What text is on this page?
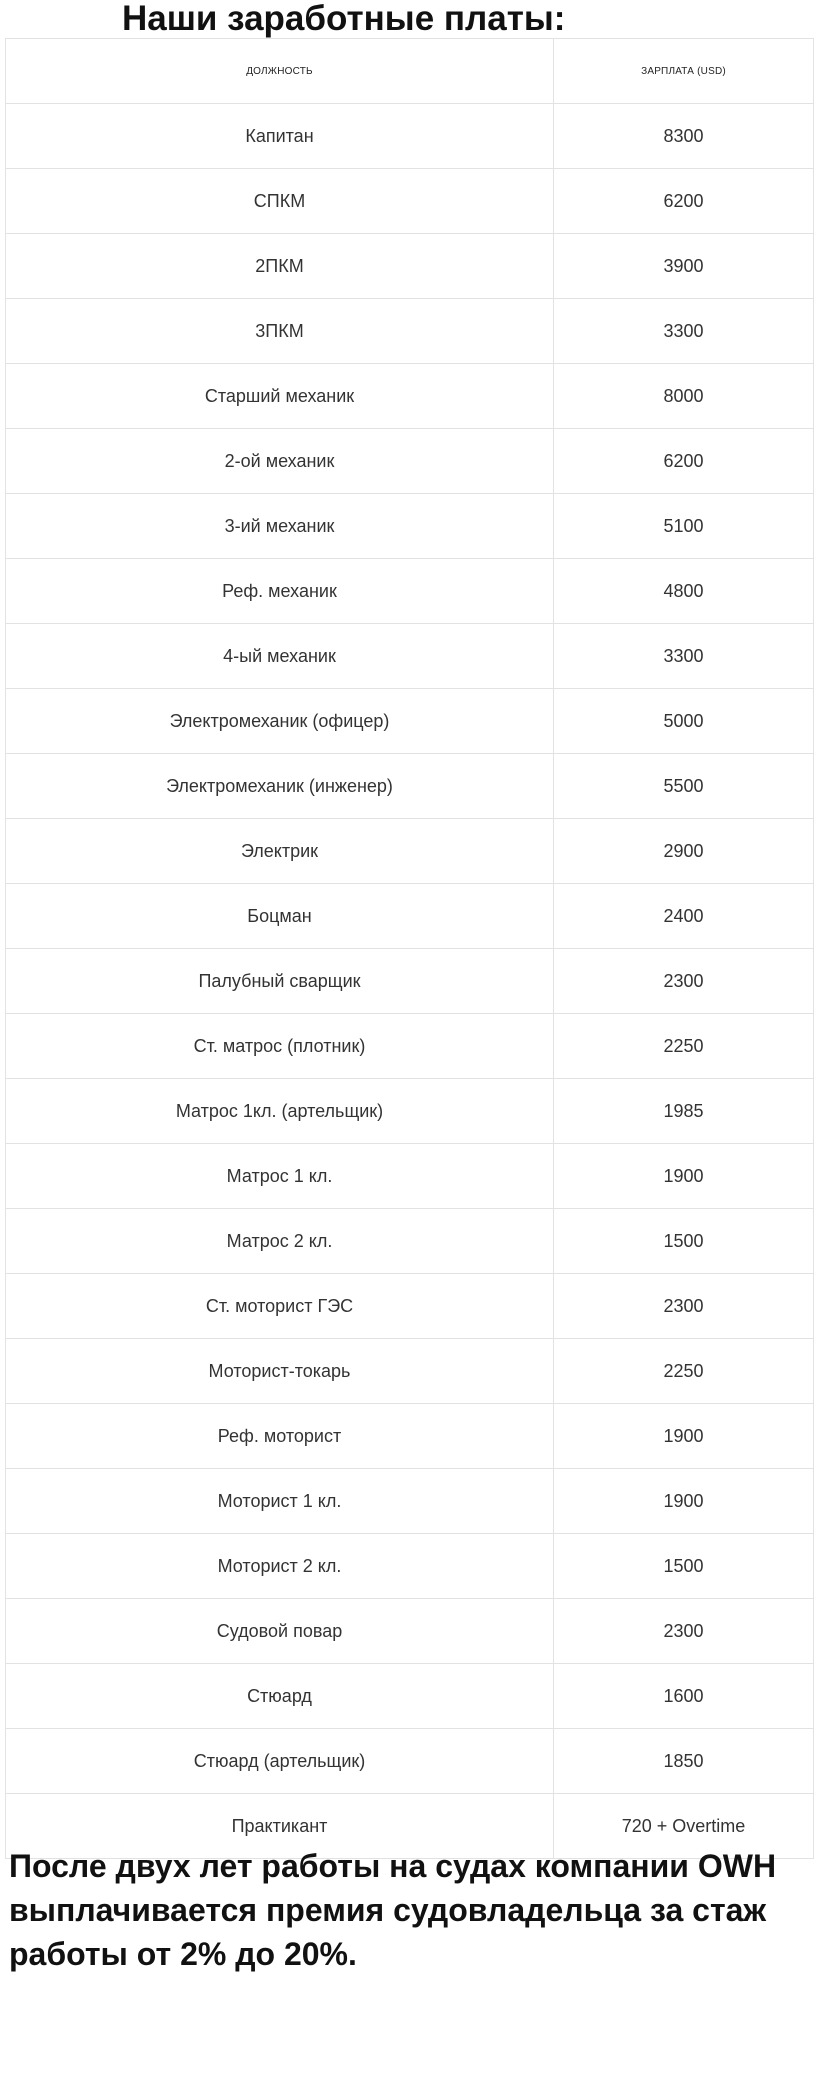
Наши заработные платы:
ДОЛЖНОСТЬ	ЗАРПЛАТА (USD)
Капитан	8300
СПКМ	6200
2ПКМ	3900
3ПКМ	3300
Старший механик	8000
2-ой механик	6200
3-ий механик	5100
Реф. механик	4800
4-ый механик	3300
Электромеханик (офицер)	5000
Электромеханик (инженер)	5500
Электрик	2900
Боцман	2400
Палубный сварщик	2300
Ст. матрос (плотник)	2250
Матрос 1кл. (артельщик)	1985
Матрос 1 кл.	1900
Матрос 2 кл.	1500
Ст. моторист ГЭС	2300
Моторист-токарь	2250
Реф. моторист	1900
Моторист 1 кл.	1900
Моторист 2 кл.	1500
Судовой повар	2300
Стюард	1600
Стюард (артельщик)	1850
Практикант	720 + Overtime

После двух лет работы на судах компании OWH выплачивается премия судовладельца за стаж работы от 2% до 20%.
